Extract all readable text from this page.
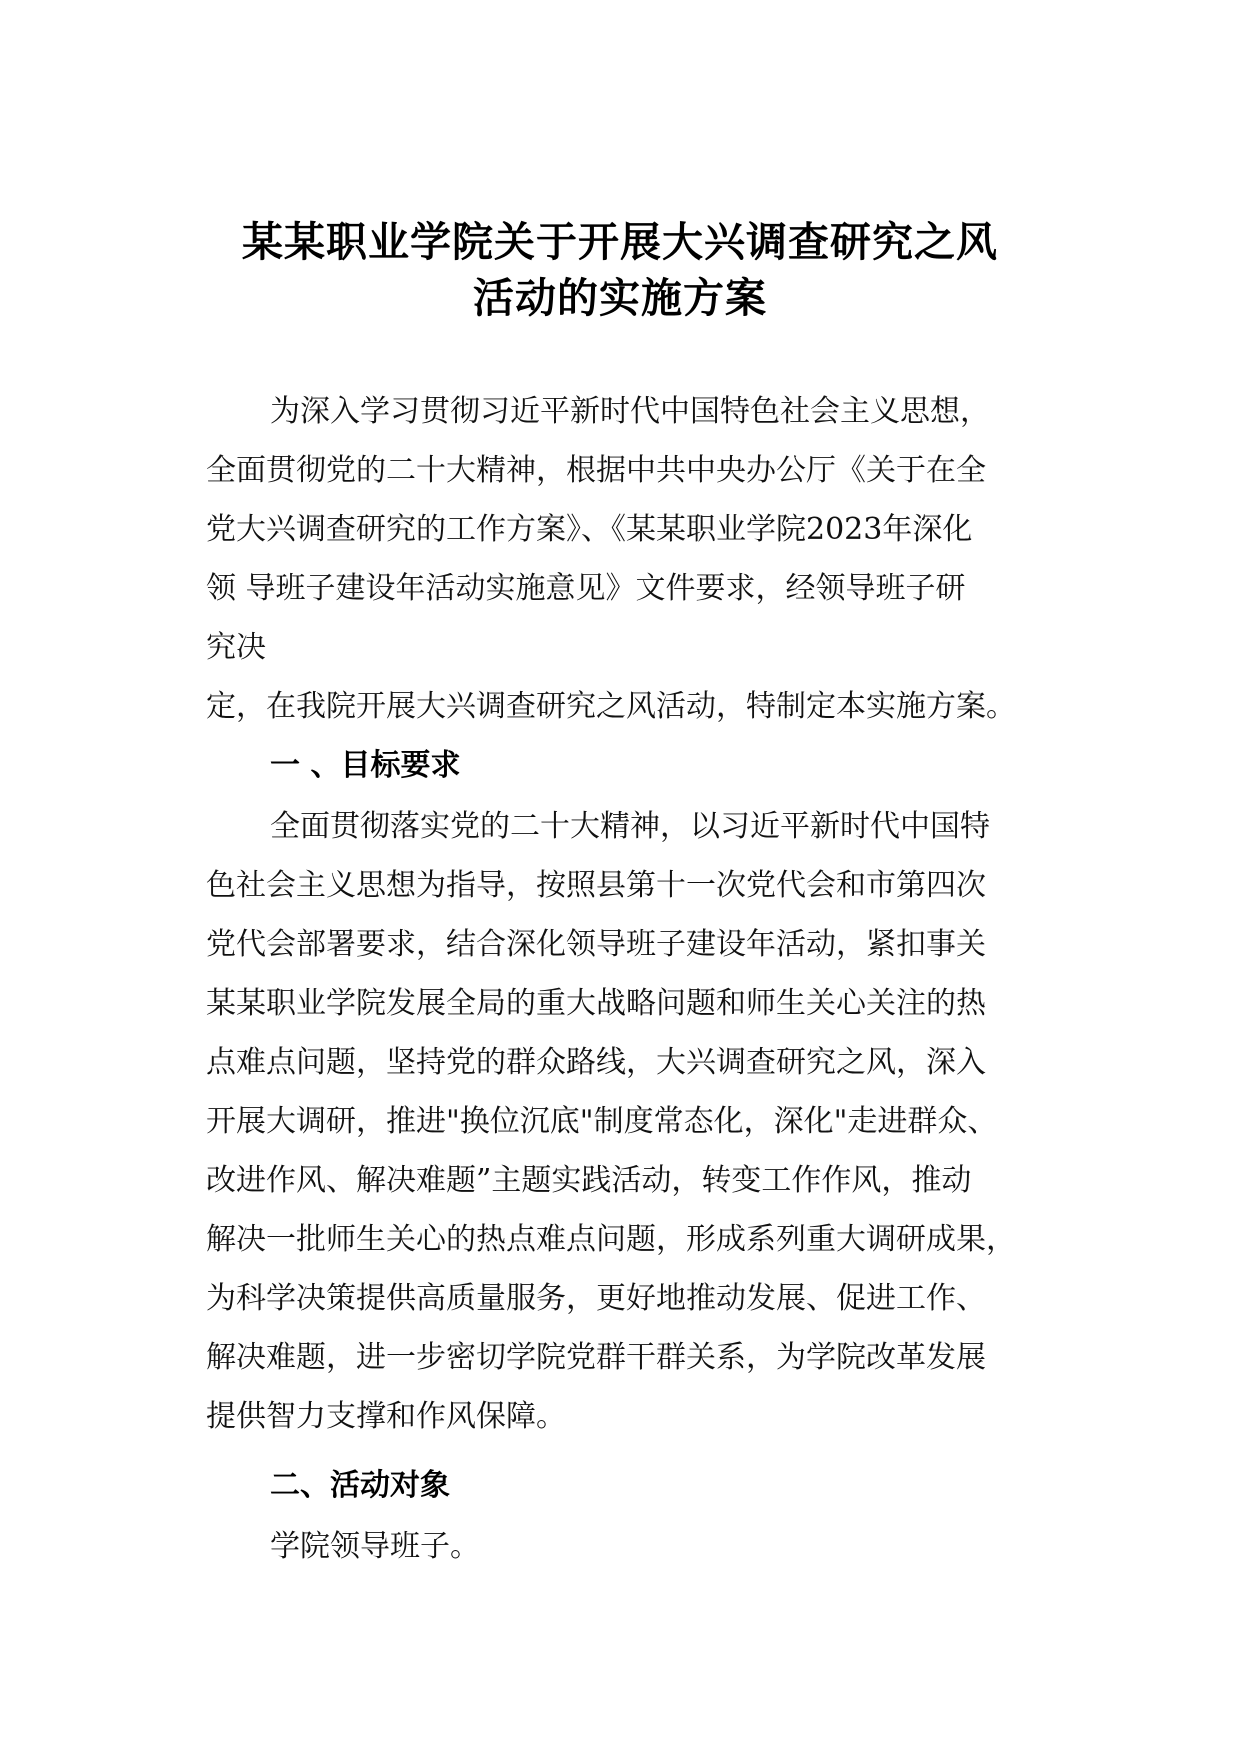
某某职业学院关于开展大兴调查研究之风
活动的实施方案

为深入学习贯彻习近平新时代中国特色社会主义思想，

全面贯彻党的二十大精神，根据中共中央办公厅《关于在全

党大兴调查研究的工作方案》、《某某职业学院2023年深化

领 导班子建设年活动实施意见》文件要求，经领导班子研

究决

定，在我院开展大兴调查研究之风活动，特制定本实施方案。

一 、目标要求

全面贯彻落实党的二十大精神，以习近平新时代中国特

色社会主义思想为指导，按照县第十一次党代会和市第四次

党代会部署要求，结合深化领导班子建设年活动，紧扣事关

某某职业学院发展全局的重大战略问题和师生关心关注的热

点难点问题，坚持党的群众路线，大兴调查研究之风，深入

开展大调研，推进"换位沉底"制度常态化，深化"走进群众、

改进作风、解决难题”主题实践活动，转变工作作风，推动

解决一批师生关心的热点难点问题，形成系列重大调研成果，

为科学决策提供高质量服务，更好地推动发展、促进工作、

解决难题，进一步密切学院党群干群关系，为学院改革发展

提供智力支撑和作风保障。

二、活动对象

学院领导班子。
